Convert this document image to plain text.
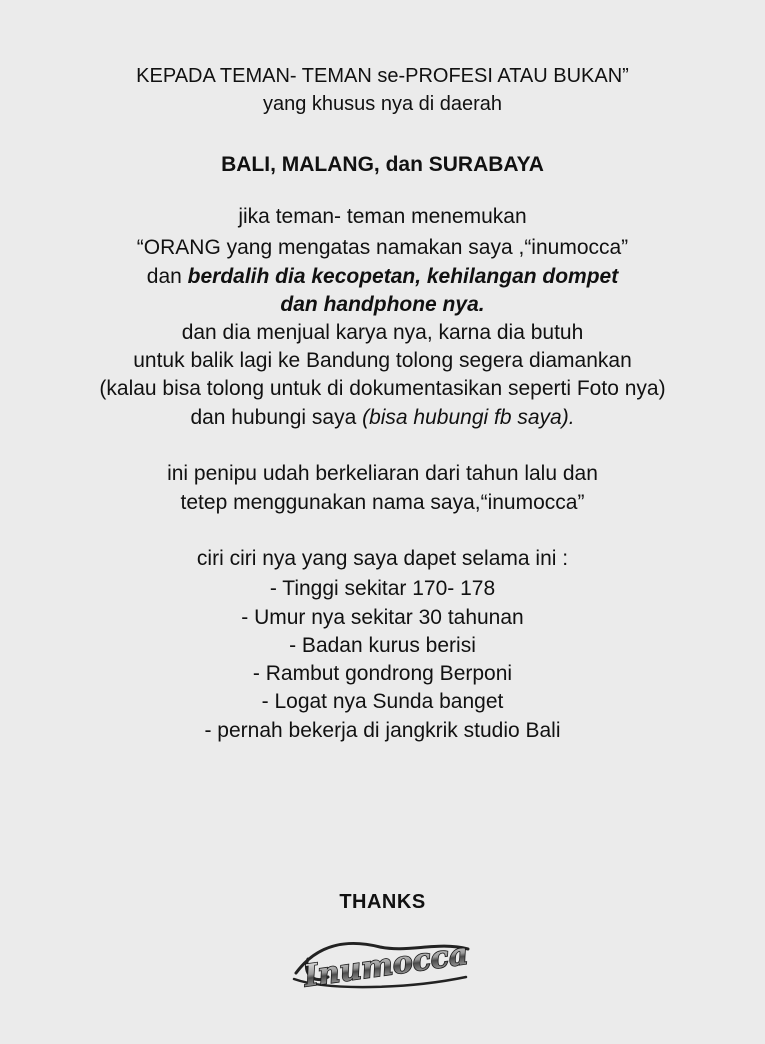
KEPADA TEMAN- TEMAN se-PROFESI ATAU BUKAN”
yang khusus nya di daerah
BALI, MALANG, dan SURABAYA
jika teman- teman menemukan
“ORANG yang mengatas namakan saya ,“inumocca”
dan berdalih dia kecopetan, kehilangan dompet
dan handphone nya.
dan dia menjual karya nya, karna dia butuh
untuk balik lagi ke Bandung tolong segera diamankan
(kalau bisa tolong untuk di dokumentasikan seperti Foto nya)
dan hubungi saya (bisa hubungi fb saya).
ini penipu udah berkeliaran dari tahun lalu dan
tetep menggunakan nama saya,“inumocca”
ciri ciri nya yang saya dapet selama ini :
- Tinggi sekitar 170- 178
- Umur nya sekitar 30 tahunan
- Badan kurus berisi
- Rambut gondrong Berponi
- Logat nya Sunda banget
- pernah bekerja di jangkrik studio Bali
THANKS
Inumocca
